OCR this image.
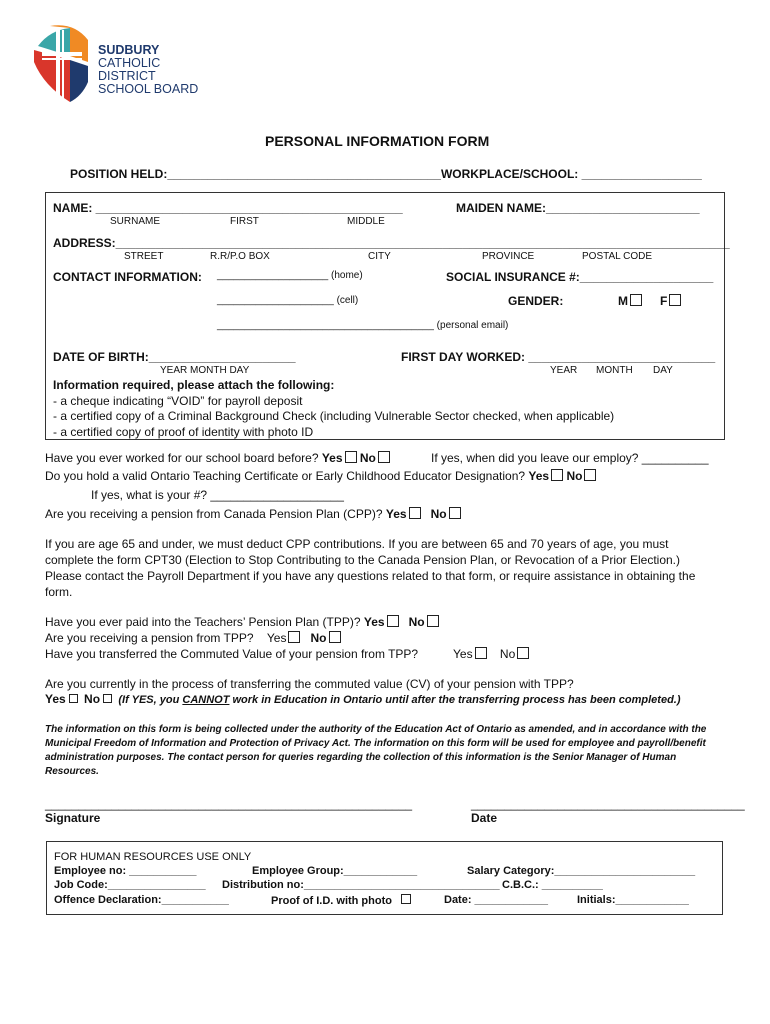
SUDBURY
CATHOLIC
DISTRICT
SCHOOL BOARD
PERSONAL INFORMATION FORM
POSITION HELD:_________________________________________WORKPLACE/SCHOOL: __________________
NAME: ______________________________________________	MAIDEN NAME:_______________________
SURNAME	FIRST	MIDDLE
ADDRESS:____________________________________________________________________________________________
STREET	R.R/P.O BOX	CITY	PROVINCE	POSTAL CODE
CONTACT INFORMATION: ____________________ (home)	SOCIAL INSURANCE #:____________________
_____________________ (cell)	GENDER:	M	F
_______________________________________ (personal email)
DATE OF BIRTH:______________________
YEAR MONTH DAY
FIRST DAY WORKED: ____________________________
YEAR MONTH DAY
Information required, please attach the following:
- a cheque indicating “VOID” for payroll deposit
- a certified copy of a Criminal Background Check (including Vulnerable Sector checked, when applicable)
- a certified copy of proof of identity with photo ID
Have you ever worked for our school board before? Yes No	If yes, when did you leave our employ? __________
Do you hold a valid Ontario Teaching Certificate or Early Childhood Educator Designation? Yes No
If yes, what is your #? ____________________
Are you receiving a pension from Canada Pension Plan (CPP)? Yes No
If you are age 65 and under, we must deduct CPP contributions. If you are between 65 and 70 years of age, you must
complete the form CPT30 (Election to Stop Contributing to the Canada Pension Plan, or Revocation of a Prior Election.)
Please contact the Payroll Department if you have any questions related to that form, or require assistance in obtaining the
form.
Have you ever paid into the Teachers’ Pension Plan (TPP)? Yes No
Are you receiving a pension from TPP? Yes No
Have you transferred the Commuted Value of your pension from TPP?	Yes No
Are you currently in the process of transferring the commuted value (CV) of your pension with TPP?
Yes No (If YES, you CANNOT work in Education in Ontario until after the transferring process has been completed.)
The information on this form is being collected under the authority of the Education Act of Ontario as amended, and in accordance with the
Municipal Freedom of Information and Protection of Privacy Act. The information on this form will be used for employee and payroll/benefit
administration purposes. The contact person for queries regarding the collection of this information is the Senior Manager of Human
Resources.
_______________________________________________________
Signature
_________________________________________
Date
FOR HUMAN RESOURCES USE ONLY
Employee no: ___________	Employee Group:____________	Salary Category:_______________________
Job Code:________________ Distribution no:________________________________ C.B.C.: __________
Offence Declaration:___________	Proof of I.D. with photo	Date: ____________	Initials:____________
